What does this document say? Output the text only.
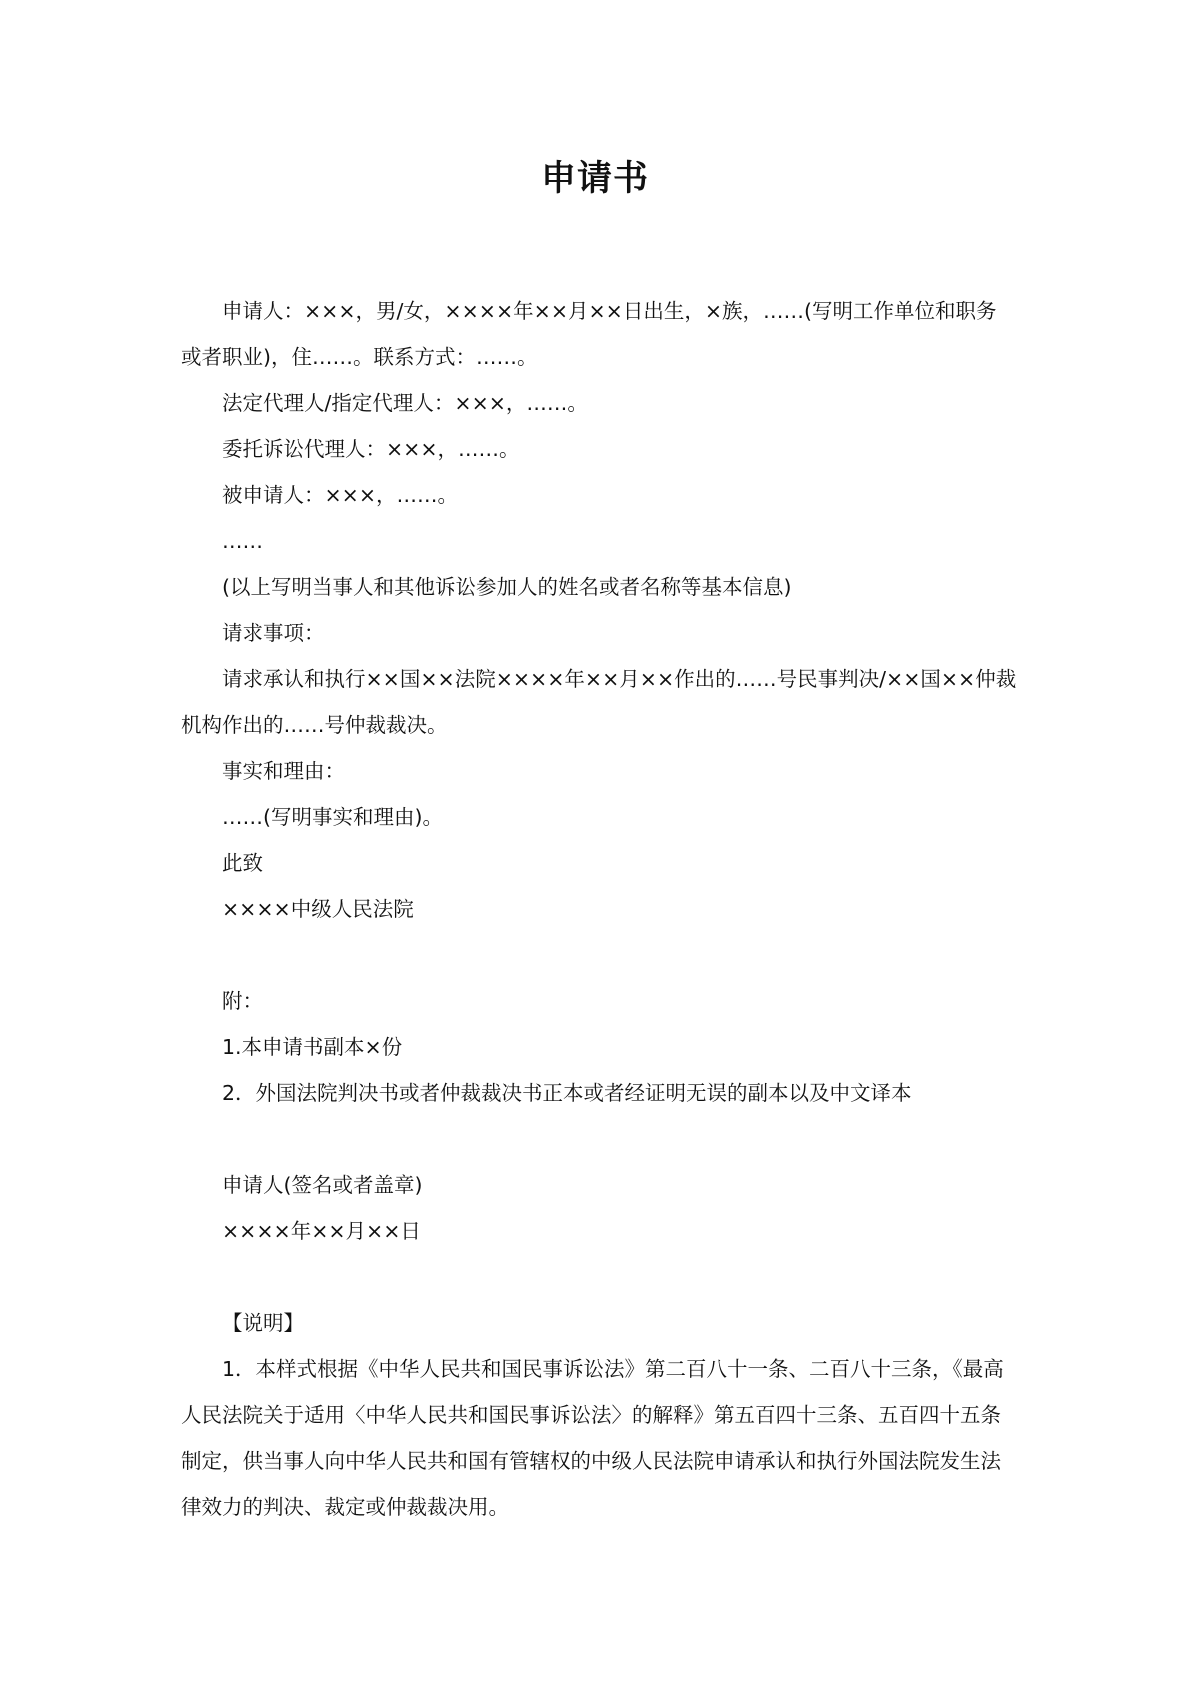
申请书

申请人：×××，男/女，××××年××月××日出生，×族，……(写明工作单位和职务或者职业)，住……。联系方式：……。

法定代理人/指定代理人：×××，……。

委托诉讼代理人：×××，……。

被申请人：×××，……。

……

(以上写明当事人和其他诉讼参加人的姓名或者名称等基本信息)

请求事项：

请求承认和执行××国××法院××××年××月××作出的……号民事判决/××国××仲裁机构作出的……号仲裁裁决。

事实和理由：

……(写明事实和理由)。

此致

××××中级人民法院

附：

1.本申请书副本×份

2．外国法院判决书或者仲裁裁决书正本或者经证明无误的副本以及中文译本

申请人(签名或者盖章)

××××年××月××日

【说明】

1．本样式根据《中华人民共和国民事诉讼法》第二百八十一条、二百八十三条，《最高人民法院关于适用〈中华人民共和国民事诉讼法〉的解释》第五百四十三条、五百四十五条制定，供当事人向中华人民共和国有管辖权的中级人民法院申请承认和执行外国法院发生法律效力的判决、裁定或仲裁裁决用。
